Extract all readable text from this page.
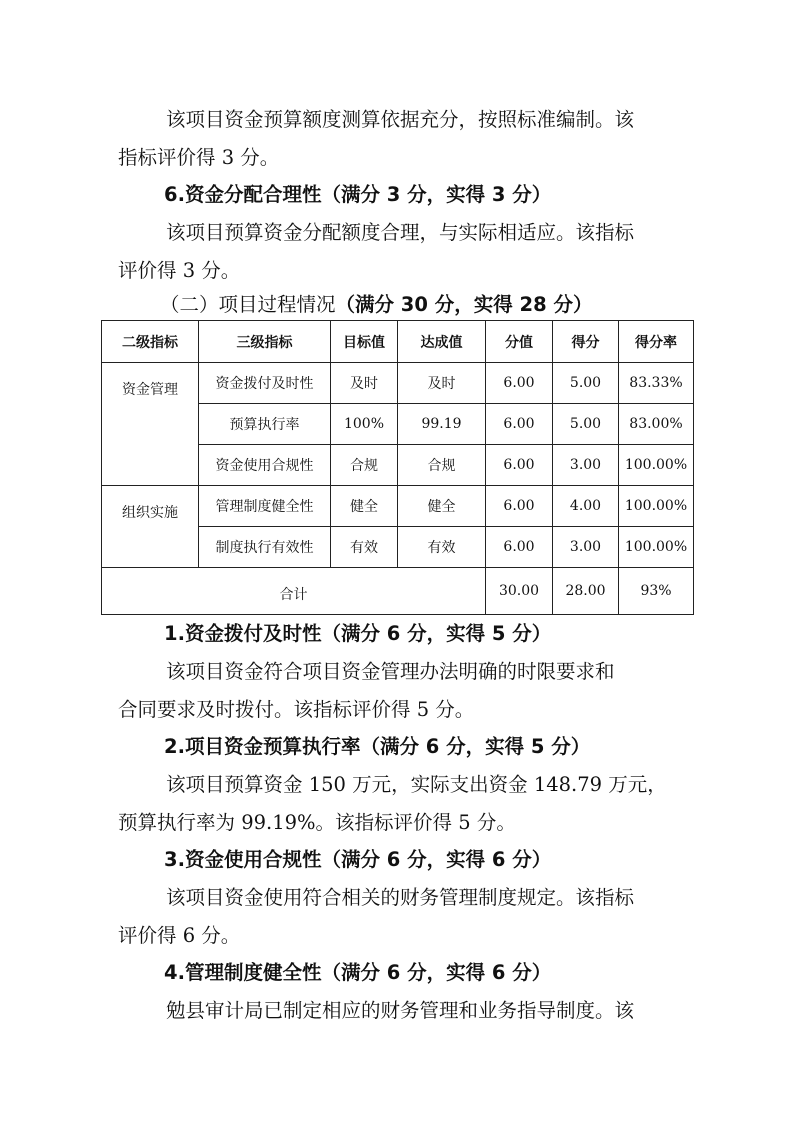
该项目资金预算额度测算依据充分，按照标准编制。该
指标评价得 3 分。
6.资金分配合理性（满分 3 分，实得 3 分）
该项目预算资金分配额度合理，与实际相适应。该指标
评价得 3 分。
（二）项目过程情况（满分 30 分，实得 28 分）
二级指标	三级指标	目标值	达成值	分值	得分	得分率
资金管理	资金拨付及时性	及时	及时	6.00	5.00	83.33%
	预算执行率	100%	99.19	6.00	5.00	83.00%
	资金使用合规性	合规	合规	6.00	3.00	100.00%
组织实施	管理制度健全性	健全	健全	6.00	4.00	100.00%
	制度执行有效性	有效	有效	6.00	3.00	100.00%
合计				30.00	28.00	93%
1.资金拨付及时性（满分 6 分，实得 5 分）
该项目资金符合项目资金管理办法明确的时限要求和
合同要求及时拨付。该指标评价得 5 分。
2.项目资金预算执行率（满分 6 分，实得 5 分）
该项目预算资金 150 万元，实际支出资金 148.79 万元，
预算执行率为 99.19%。该指标评价得 5 分。
3.资金使用合规性（满分 6 分，实得 6 分）
该项目资金使用符合相关的财务管理制度规定。该指标
评价得 6 分。
4.管理制度健全性（满分 6 分，实得 6 分）
勉县审计局已制定相应的财务管理和业务指导制度。该
